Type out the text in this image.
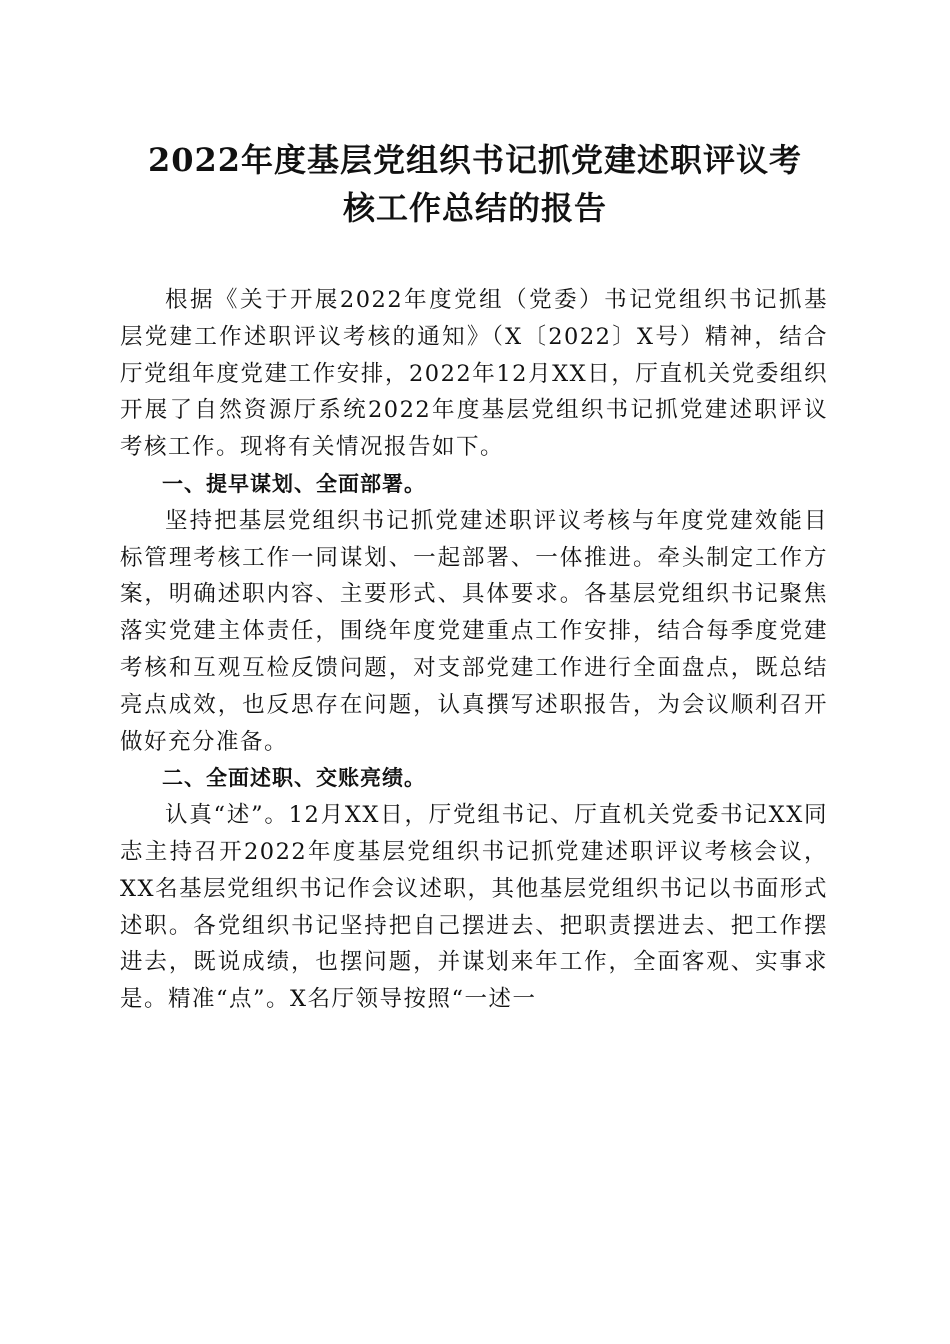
2022年度基层党组织书记抓党建述职评议考
核工作总结的报告

根据《关于开展2022年度党组（党委）书记党组织书记抓基层党建工作述职评议考核的通知》（X〔2022〕X号）精神，结合厅党组年度党建工作安排，2022年12月XX日，厅直机关党委组织开展了自然资源厅系统2022年度基层党组织书记抓党建述职评议考核工作。现将有关情况报告如下。

一、提早谋划、全面部署。

坚持把基层党组织书记抓党建述职评议考核与年度党建效能目标管理考核工作一同谋划、一起部署、一体推进。牵头制定工作方案，明确述职内容、主要形式、具体要求。各基层党组织书记聚焦落实党建主体责任，围绕年度党建重点工作安排，结合每季度党建考核和互观互检反馈问题，对支部党建工作进行全面盘点，既总结亮点成效，也反思存在问题，认真撰写述职报告，为会议顺利召开做好充分准备。

二、全面述职、交账亮绩。

认真“述”。12月XX日，厅党组书记、厅直机关党委书记XX同志主持召开2022年度基层党组织书记抓党建述职评议考核会议，XX名基层党组织书记作会议述职，其他基层党组织书记以书面形式述职。各党组织书记坚持把自己摆进去、把职责摆进去、把工作摆进去，既说成绩，也摆问题，并谋划来年工作，全面客观、实事求是。精准“点”。X名厅领导按照“一述一
